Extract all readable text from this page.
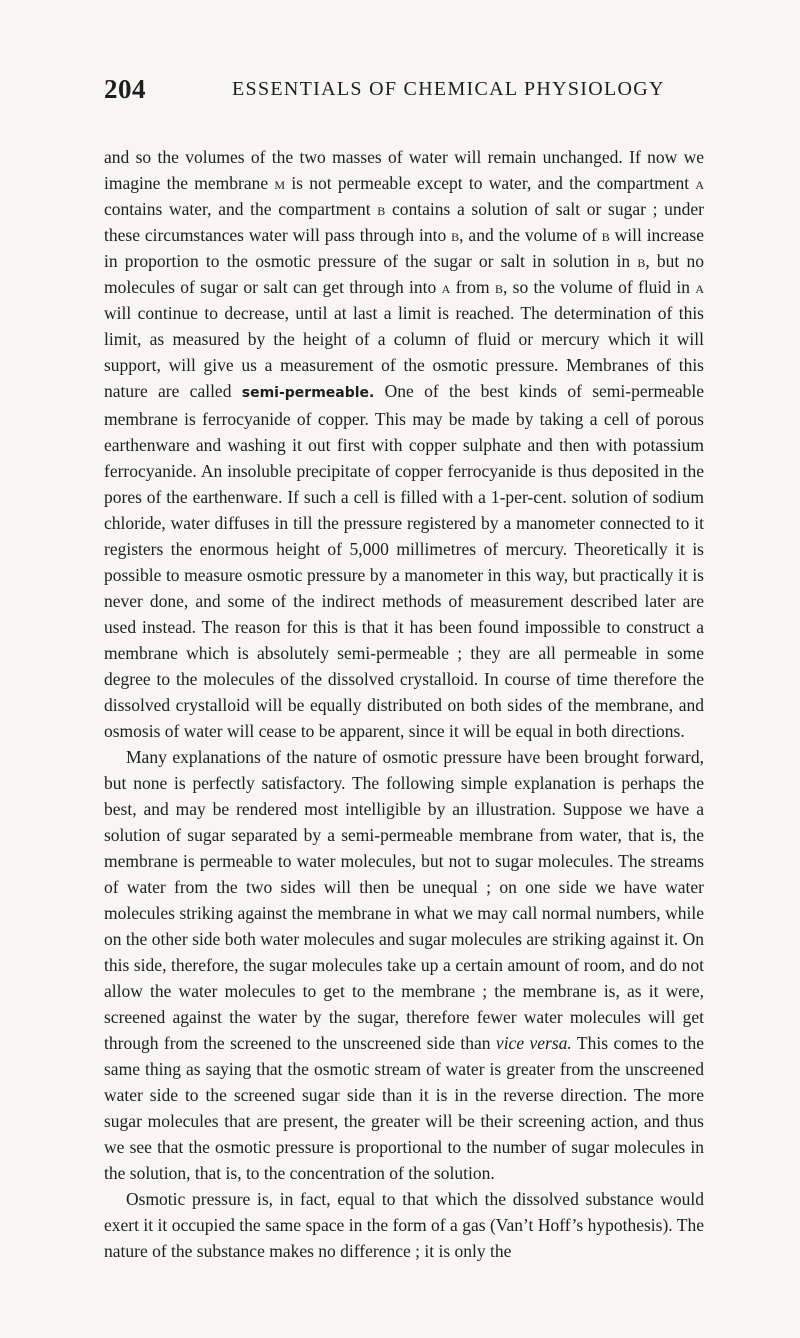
204	ESSENTIALS OF CHEMICAL PHYSIOLOGY

and so the volumes of the two masses of water will remain unchanged. If now we imagine the membrane m is not permeable except to water, and the compartment a contains water, and the compartment b contains a solution of salt or sugar ; under these circumstances water will pass through into b, and the volume of b will increase in proportion to the osmotic pressure of the sugar or salt in solution in b, but no molecules of sugar or salt can get through into a from b, so the volume of fluid in a will continue to decrease, until at last a limit is reached. The determination of this limit, as measured by the height of a column of fluid or mercury which it will support, will give us a measurement of the osmotic pressure. Membranes of this nature are called semi-permeable. One of the best kinds of semi-permeable membrane is ferrocyanide of copper. This may be made by taking a cell of porous earthenware and washing it out first with copper sulphate and then with potassium ferrocyanide. An insoluble precipitate of copper ferrocyanide is thus deposited in the pores of the earthenware. If such a cell is filled with a 1-per-cent. solution of sodium chloride, water diffuses in till the pressure registered by a manometer connected to it registers the enormous height of 5,000 millimetres of mercury. Theoretically it is possible to measure osmotic pressure by a manometer in this way, but practically it is never done, and some of the indirect methods of measurement described later are used instead. The reason for this is that it has been found impossible to construct a membrane which is absolutely semi-permeable ; they are all permeable in some degree to the molecules of the dissolved crystalloid. In course of time therefore the dissolved crystalloid will be equally distributed on both sides of the membrane, and osmosis of water will cease to be apparent, since it will be equal in both directions.

Many explanations of the nature of osmotic pressure have been brought forward, but none is perfectly satisfactory. The following simple explanation is perhaps the best, and may be rendered most intelligible by an illustration. Suppose we have a solution of sugar separated by a semi-permeable membrane from water, that is, the membrane is permeable to water molecules, but not to sugar molecules. The streams of water from the two sides will then be unequal ; on one side we have water molecules striking against the membrane in what we may call normal numbers, while on the other side both water molecules and sugar molecules are striking against it. On this side, therefore, the sugar molecules take up a certain amount of room, and do not allow the water molecules to get to the membrane ; the membrane is, as it were, screened against the water by the sugar, therefore fewer water molecules will get through from the screened to the unscreened side than vice versa. This comes to the same thing as saying that the osmotic stream of water is greater from the unscreened water side to the screened sugar side than it is in the reverse direction. The more sugar molecules that are present, the greater will be their screening action, and thus we see that the osmotic pressure is proportional to the number of sugar molecules in the solution, that is, to the concentration of the solution.

Osmotic pressure is, in fact, equal to that which the dissolved substance would exert it it occupied the same space in the form of a gas (Van’t Hoff’s hypothesis). The nature of the substance makes no difference ; it is only the
